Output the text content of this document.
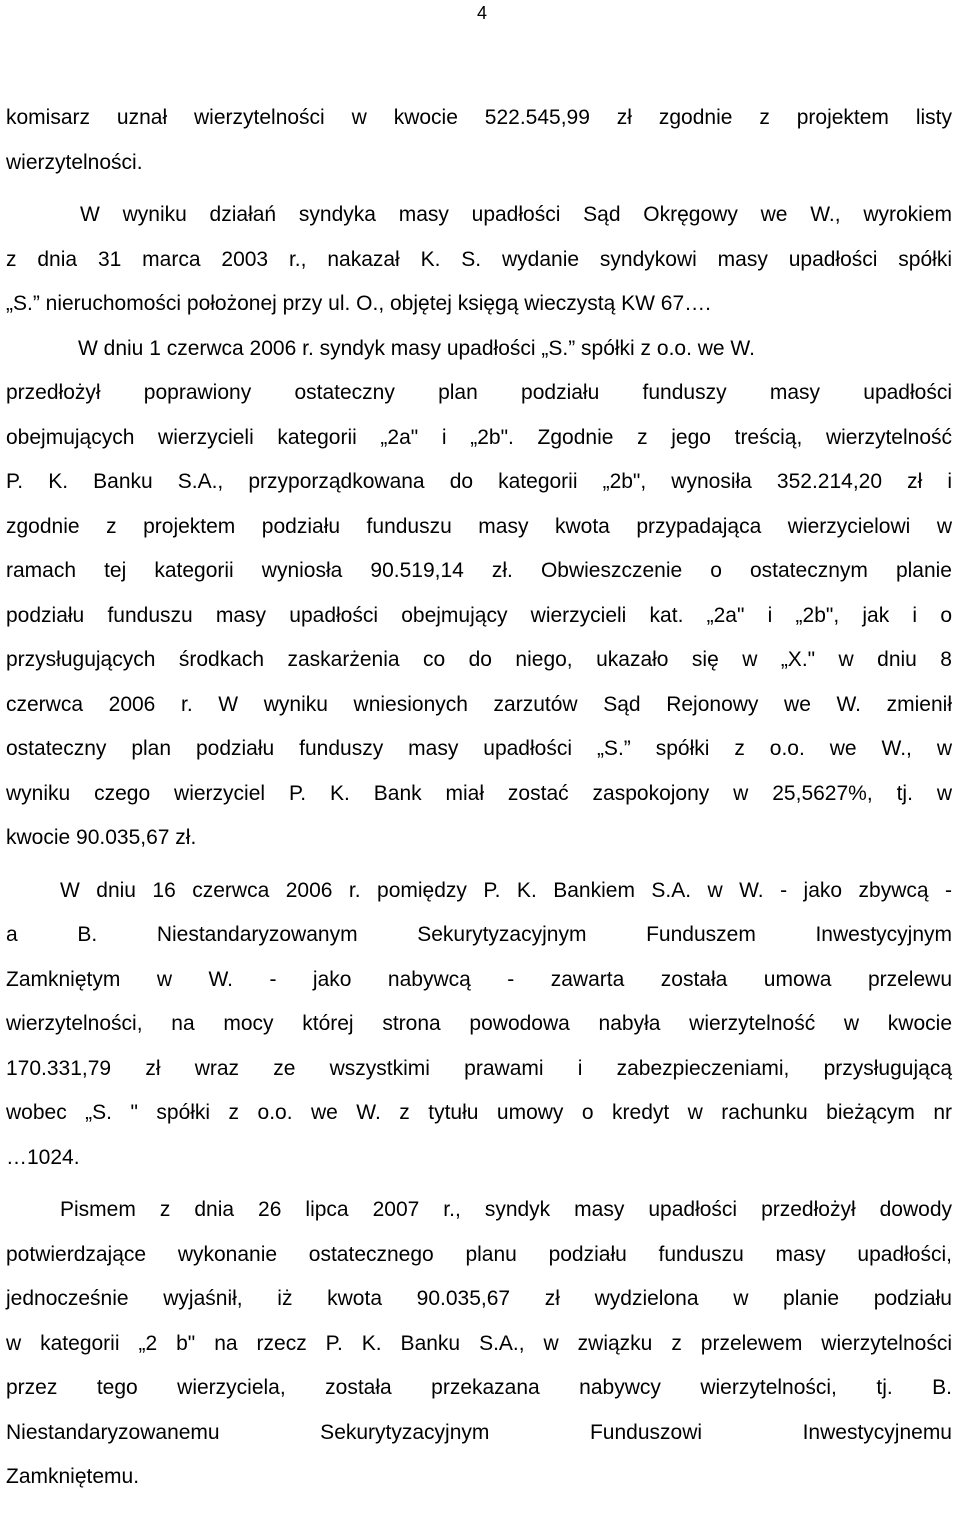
4
komisarz uznał wierzytelności w kwocie 522.545,99 zł zgodnie z projektem listy
wierzytelności.
W wyniku działań syndyka masy upadłości Sąd Okręgowy we W., wyrokiem
z dnia 31 marca 2003 r., nakazał K. S. wydanie syndykowi masy upadłości spółki
„S.” nieruchomości położonej przy ul. O., objętej księgą wieczystą KW 67….
W dniu 1 czerwca 2006 r. syndyk masy upadłości „S.” spółki z o.o. we W.
przedłożył poprawiony ostateczny plan podziału funduszy masy upadłości
obejmujących wierzycieli kategorii „2a" i „2b". Zgodnie z jego treścią, wierzytelność
P. K. Banku S.A., przyporządkowana do kategorii „2b", wynosiła 352.214,20 zł i
zgodnie z projektem podziału funduszu masy kwota przypadająca wierzycielowi w
ramach tej kategorii wyniosła 90.519,14 zł. Obwieszczenie o ostatecznym planie
podziału funduszu masy upadłości obejmujący wierzycieli kat. „2a" i „2b", jak i o
przysługujących środkach zaskarżenia co do niego, ukazało się w „X." w dniu 8
czerwca 2006 r. W wyniku wniesionych zarzutów Sąd Rejonowy we W. zmienił
ostateczny plan podziału funduszy masy upadłości „S.” spółki z o.o. we W., w
wyniku czego wierzyciel P. K. Bank miał zostać zaspokojony w 25,5627%, tj. w
kwocie 90.035,67 zł.
W dniu 16 czerwca 2006 r. pomiędzy P. K. Bankiem S.A. w W. - jako zbywcą -
a B. Niestandaryzowanym Sekurytyzacyjnym Funduszem Inwestycyjnym
Zamkniętym w W. - jako nabywcą - zawarta została umowa przelewu
wierzytelności, na mocy której strona powodowa nabyła wierzytelność w kwocie
170.331,79 zł wraz ze wszystkimi prawami i zabezpieczeniami, przysługującą
wobec „S. " spółki z o.o. we W. z tytułu umowy o kredyt w rachunku bieżącym nr
…1024.
Pismem z dnia 26 lipca 2007 r., syndyk masy upadłości przedłożył dowody
potwierdzające wykonanie ostatecznego planu podziału funduszu masy upadłości,
jednocześnie wyjaśnił, iż kwota 90.035,67 zł wydzielona w planie podziału
w kategorii „2 b" na rzecz P. K. Banku S.A., w związku z przelewem wierzytelności
przez tego wierzyciela, została przekazana nabywcy wierzytelności, tj. B.
Niestandaryzowanemu Sekurytyzacyjnym Funduszowi Inwestycyjnemu
Zamkniętemu.
